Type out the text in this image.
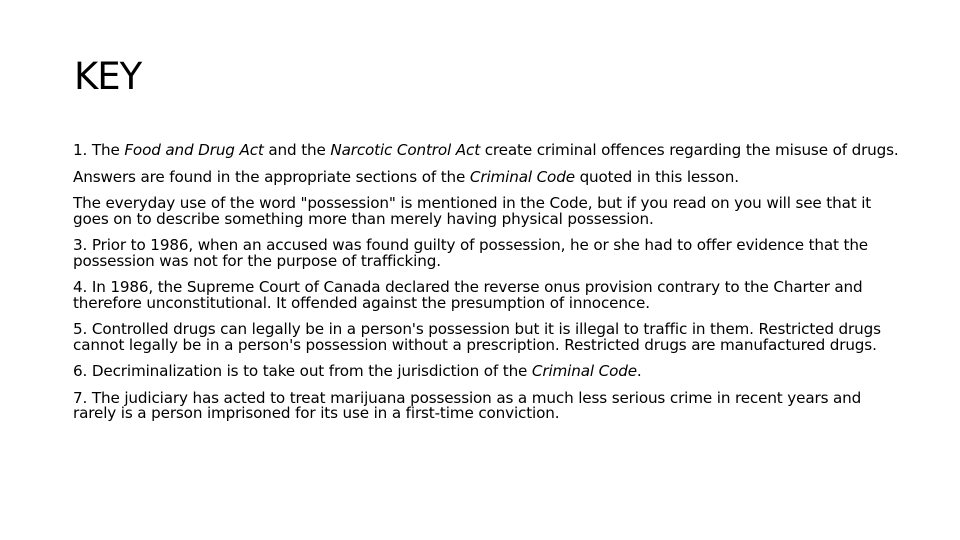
KEY

1. The Food and Drug Act and the Narcotic Control Act create criminal offences regarding the misuse of drugs.

Answers are found in the appropriate sections of the Criminal Code quoted in this lesson.

The everyday use of the word "possession" is mentioned in the Code, but if you read on you will see that it goes on to describe something more than merely having physical possession.

3. Prior to 1986, when an accused was found guilty of possession, he or she had to offer evidence that the possession was not for the purpose of trafficking.

4. In 1986, the Supreme Court of Canada declared the reverse onus provision contrary to the Charter and therefore unconstitutional. It offended against the presumption of innocence.

5. Controlled drugs can legally be in a person's possession but it is illegal to traffic in them. Restricted drugs cannot legally be in a person's possession without a prescription. Restricted drugs are manufactured drugs.

6. Decriminalization is to take out from the jurisdiction of the Criminal Code.

7. The judiciary has acted to treat marijuana possession as a much less serious crime in recent years and rarely is a person imprisoned for its use in a first-time conviction.
